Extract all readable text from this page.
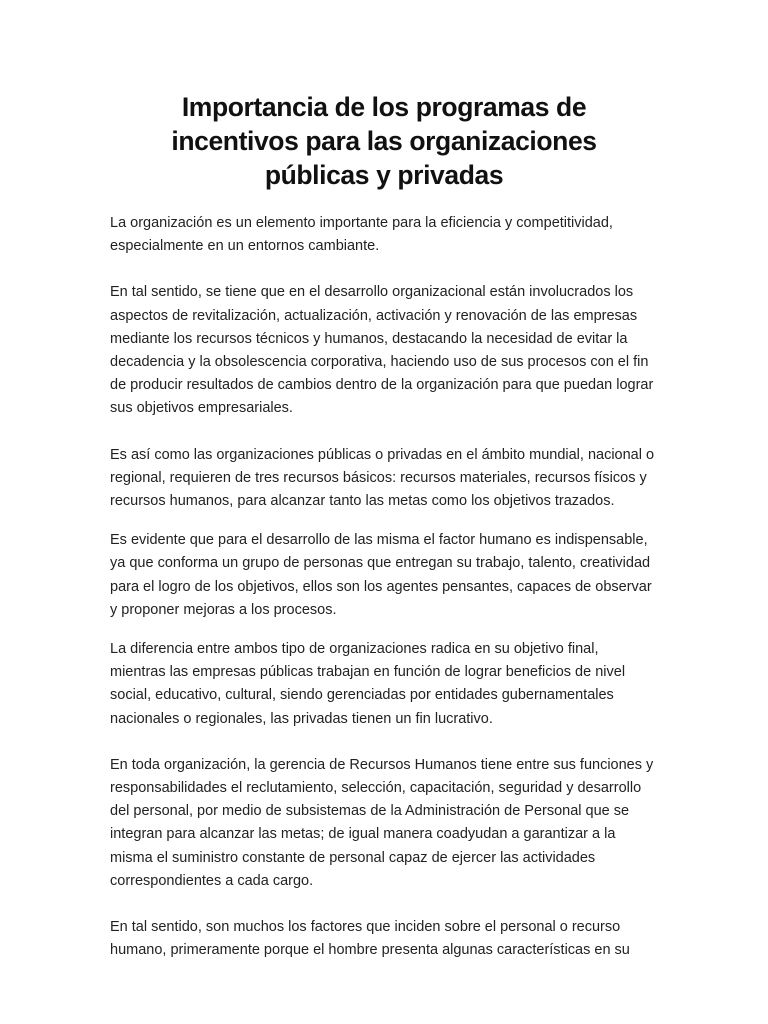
Importancia de los programas de
incentivos para las organizaciones
públicas y privadas

La organización es un elemento importante para la eficiencia y competitividad, especialmente en un entornos cambiante.

En tal sentido, se tiene que en el desarrollo organizacional están involucrados los aspectos de revitalización, actualización, activación y renovación de las empresas mediante los recursos técnicos y humanos, destacando la necesidad de evitar la decadencia y la obsolescencia corporativa, haciendo uso de sus procesos con el fin de producir resultados de cambios dentro de la organización para que puedan lograr sus objetivos empresariales.

Es así como las organizaciones públicas o privadas en el ámbito mundial, nacional o regional, requieren de tres recursos básicos: recursos materiales, recursos físicos y recursos humanos, para alcanzar tanto las metas como los objetivos trazados.

Es evidente que para el desarrollo de las misma el factor humano es indispensable, ya que conforma un grupo de personas que entregan su trabajo, talento, creatividad para el logro de los objetivos, ellos son los agentes pensantes, capaces de observar y proponer mejoras a los procesos.

La diferencia entre ambos tipo de organizaciones radica en su objetivo final, mientras las empresas públicas trabajan en función de lograr beneficios de nivel social, educativo, cultural, siendo gerenciadas por entidades gubernamentales nacionales o regionales, las privadas tienen un fin lucrativo.

En toda organización, la gerencia de Recursos Humanos tiene entre sus funciones y responsabilidades el reclutamiento, selección, capacitación, seguridad y desarrollo del personal, por medio de subsistemas de la Administración de Personal que se integran para alcanzar las metas; de igual manera coadyudan a garantizar a la misma el suministro constante de personal capaz de ejercer las actividades correspondientes a cada cargo.

En tal sentido, son muchos los factores que inciden sobre el personal o recurso humano, primeramente porque el hombre presenta algunas características en su
